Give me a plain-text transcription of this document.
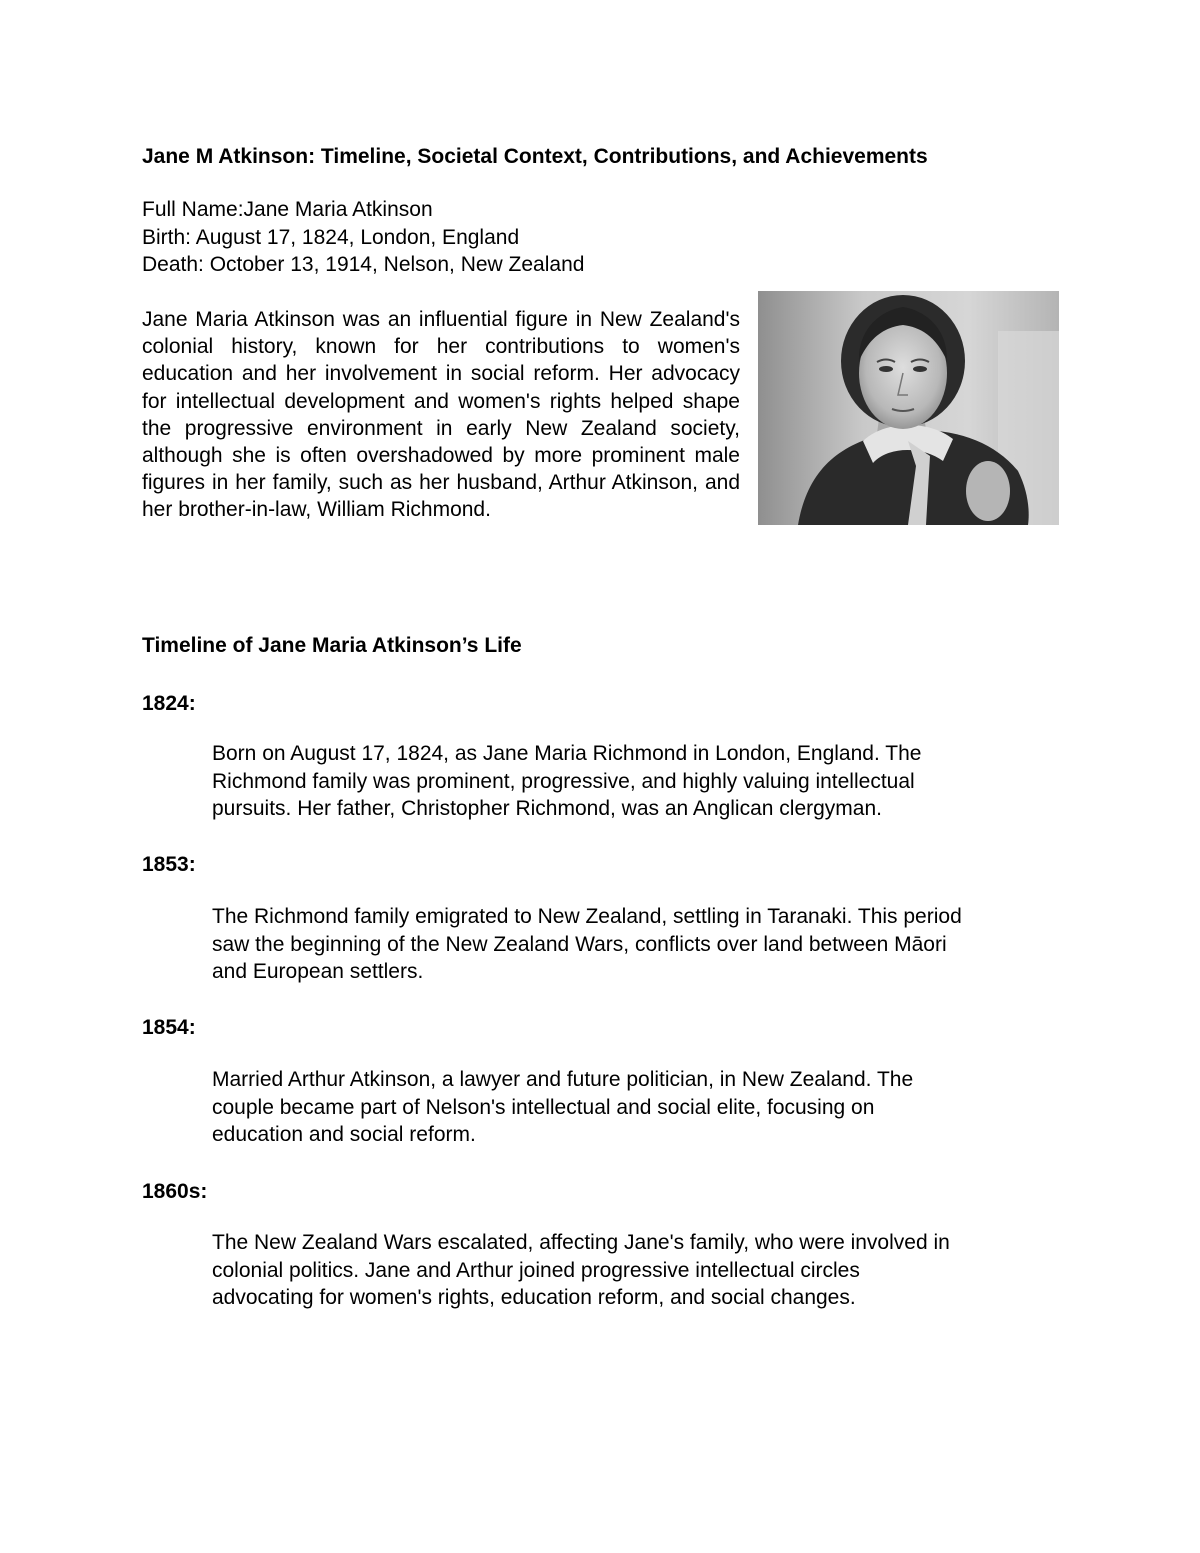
Jane M Atkinson: Timeline, Societal Context, Contributions, and Achievements
Full Name:Jane Maria Atkinson
Birth: August 17, 1824, London, England
Death: October 13, 1914, Nelson, New Zealand
Jane Maria Atkinson was an influential figure in New Zealand's colonial history, known for her contributions to women's education and her involvement in social reform. Her advocacy for intellectual development and women's rights helped shape the progressive environment in early New Zealand society, although she is often overshadowed by more prominent male figures in her family, such as her husband, Arthur Atkinson, and her brother-in-law, William Richmond.
Timeline of Jane Maria Atkinson’s Life
1824:
Born on August 17, 1824, as Jane Maria Richmond in London, England. The
Richmond family was prominent, progressive, and highly valuing intellectual
pursuits. Her father, Christopher Richmond, was an Anglican clergyman.
1853:
The Richmond family emigrated to New Zealand, settling in Taranaki. This period
saw the beginning of the New Zealand Wars, conflicts over land between Māori
and European settlers.
1854:
Married Arthur Atkinson, a lawyer and future politician, in New Zealand. The
couple became part of Nelson's intellectual and social elite, focusing on
education and social reform.
1860s:
The New Zealand Wars escalated, affecting Jane's family, who were involved in
colonial politics. Jane and Arthur joined progressive intellectual circles
advocating for women's rights, education reform, and social changes.
